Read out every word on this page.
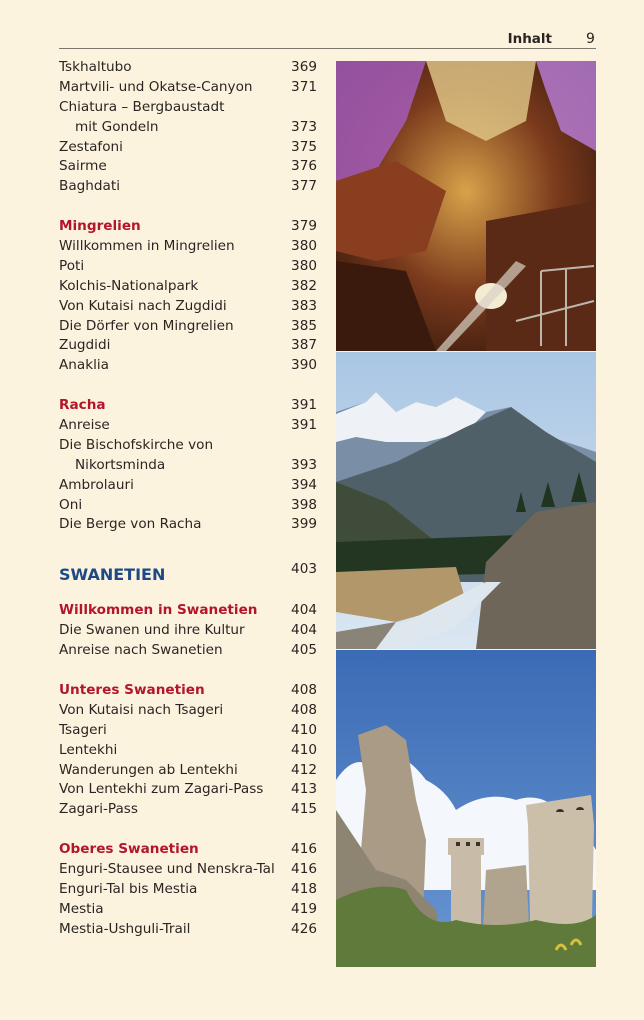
Inhalt 9
Tskhaltubo	369
Martvili- und Okatse-Canyon	371
Chiatura – Bergbaustadt
mit Gondeln	373
Zestafoni	375
Sairme	376
Baghdati	377
Mingrelien	379
Willkommen in Mingrelien	380
Poti	380
Kolchis-Nationalpark	382
Von Kutaisi nach Zugdidi	383
Die Dörfer von Mingrelien	385
Zugdidi	387
Anaklia	390
Racha	391
Anreise	391
Die Bischofskirche von
Nikortsminda	393
Ambrolauri	394
Oni	398
Die Berge von Racha	399
SWANETIEN	403
Willkommen in Swanetien 404
Die Swanen und ihre Kultur	404
Anreise nach Swanetien	405
Unteres Swanetien	408
Von Kutaisi nach Tsageri	408
Tsageri	410
Lentekhi	410
Wanderungen ab Lentekhi	412
Von Lentekhi zum Zagari-Pass 413
Zagari-Pass	415
Oberes Swanetien	416
Enguri-Stausee und Nenskra-Tal 416
Enguri-Tal bis Mestia	418
Mestia	419
Mestia-Ushguli-Trail	426
